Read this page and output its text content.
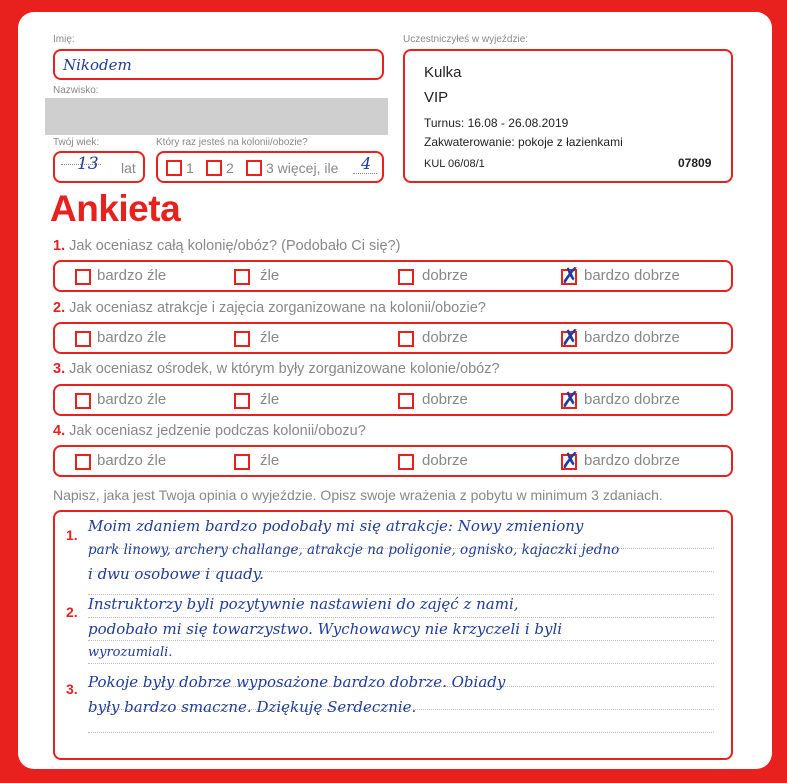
Imię:
Nikodem
Nazwisko:
Twój wiek:
13 lat
Który raz jesteś na kolonii/obozie?
1 2 3 więcej, ile 4
Uczestniczyłeś w wyjeździe:
Kulka
VIP
Turnus: 16.08 - 26.08.2019
Zakwaterowanie: pokoje z łazienkami
KUL 06/08/1	07809
Ankieta
1. Jak oceniasz całą kolonię/obóz? (Podobało Ci się?)
bardzo źle	źle	dobrze	✗ bardzo dobrze
2. Jak oceniasz atrakcje i zajęcia zorganizowane na kolonii/obozie?
bardzo źle	źle	dobrze	✗ bardzo dobrze
3. Jak oceniasz ośrodek, w którym były zorganizowane kolonie/obóz?
bardzo źle	źle	dobrze	✗ bardzo dobrze
4. Jak oceniasz jedzenie podczas kolonii/obozu?
bardzo źle	źle	dobrze	✗ bardzo dobrze
Napisz, jaka jest Twoja opinia o wyjeździe. Opisz swoje wrażenia z pobytu w minimum 3 zdaniach.
1. Moim zdaniem bardzo podobały mi się atrakcje: Nowy zmieniony
park linowy, archery challange, atrakcje na poligonie, ognisko, kajaczki jedno
i dwu osobowe i quady.
2. Instruktorzy byli pozytywnie nastawieni do zajęć z nami,
podobało mi się towarzystwo. Wychowawcy nie krzyczeli i byli
wyrozumiali.
3. Pokoje były dobrze wyposażone bardzo dobrze. Obiady
były bardzo smaczne. Dziękuję Serdecznie.
